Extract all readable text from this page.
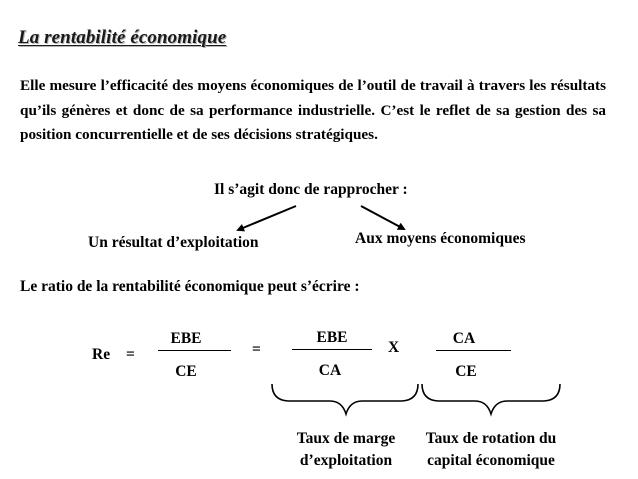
La rentabilité économique
Elle mesure l’efficacité des moyens économiques de l’outil de travail à travers les résultats qu’ils génères et donc de sa performance industrielle. C’est le reflet de sa gestion des sa position concurrentielle et de ses décisions stratégiques.
Il s’agit donc de rapprocher :
Un résultat d’exploitation	Aux moyens économiques
Le ratio de la rentabilité économique peut s’écrire :
Re =
EBE
CE
=
EBE
CA
X
CA
CE
Taux de marge
d’exploitation
Taux de rotation du
capital économique
